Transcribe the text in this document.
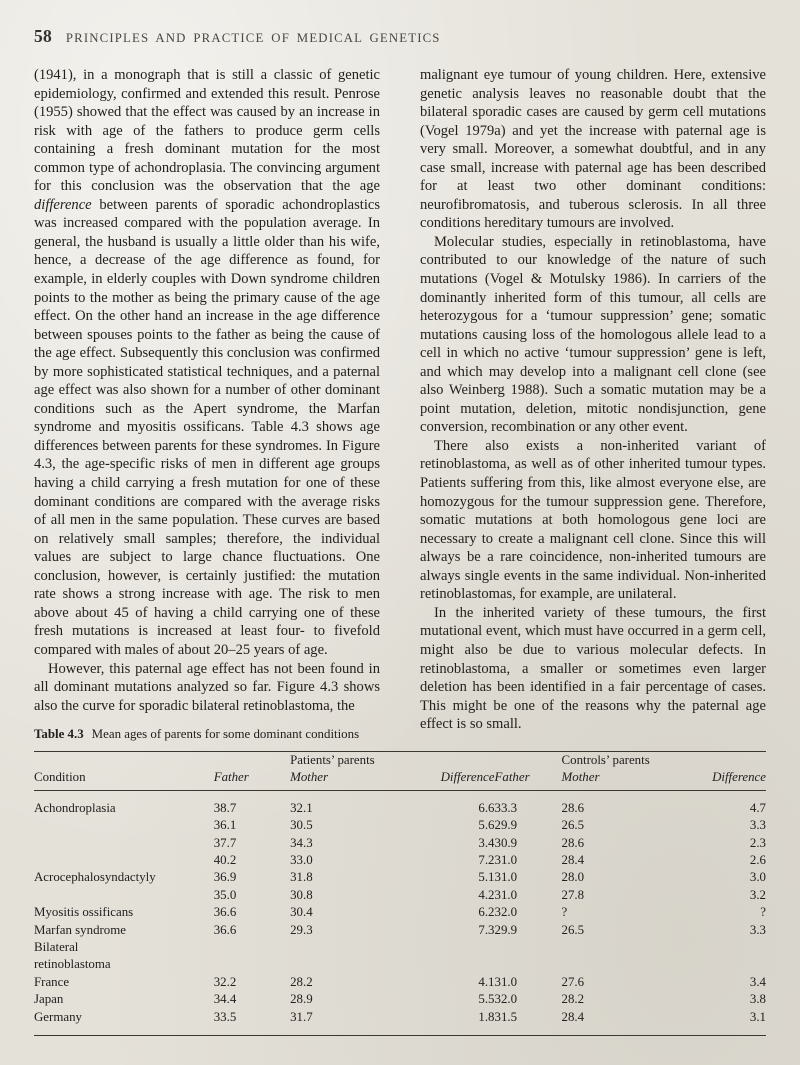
58 PRINCIPLES AND PRACTICE OF MEDICAL GENETICS

(1941), in a monograph that is still a classic of genetic epidemiology, confirmed and extended this result. Penrose (1955) showed that the effect was caused by an increase in risk with age of the fathers to produce germ cells containing a fresh dominant mutation for the most common type of achondroplasia. The convincing argument for this conclusion was the observation that the age difference between parents of sporadic achondroplastics was increased compared with the population average. In general, the husband is usually a little older than his wife, hence, a decrease of the age difference as found, for example, in elderly couples with Down syndrome children points to the mother as being the primary cause of the age effect. On the other hand an increase in the age difference between spouses points to the father as being the cause of the age effect. Subsequently this conclusion was confirmed by more sophisticated statistical techniques, and a paternal age effect was also shown for a number of other dominant conditions such as the Apert syndrome, the Marfan syndrome and myositis ossificans. Table 4.3 shows age differences between parents for these syndromes. In Figure 4.3, the age-specific risks of men in different age groups having a child carrying a fresh mutation for one of these dominant conditions are compared with the average risks of all men in the same population. These curves are based on relatively small samples; therefore, the individual values are subject to large chance fluctuations. One conclusion, however, is certainly justified: the mutation rate shows a strong increase with age. The risk to men above about 45 of having a child carrying one of these fresh mutations is increased at least four- to fivefold compared with males of about 20–25 years of age.

However, this paternal age effect has not been found in all dominant mutations analyzed so far. Figure 4.3 shows also the curve for sporadic bilateral retinoblastoma, the

malignant eye tumour of young children. Here, extensive genetic analysis leaves no reasonable doubt that the bilateral sporadic cases are caused by germ cell mutations (Vogel 1979a) and yet the increase with paternal age is very small. Moreover, a somewhat doubtful, and in any case small, increase with paternal age has been described for at least two other dominant conditions: neurofibromatosis, and tuberous sclerosis. In all three conditions hereditary tumours are involved.

Molecular studies, especially in retinoblastoma, have contributed to our knowledge of the nature of such mutations (Vogel & Motulsky 1986). In carriers of the dominantly inherited form of this tumour, all cells are heterozygous for a ‘tumour suppression’ gene; somatic mutations causing loss of the homologous allele lead to a cell in which no active ‘tumour suppression’ gene is left, and which may develop into a malignant cell clone (see also Weinberg 1988). Such a somatic mutation may be a point mutation, deletion, mitotic nondisjunction, gene conversion, recombination or any other event.

There also exists a non-inherited variant of retinoblastoma, as well as of other inherited tumour types. Patients suffering from this, like almost everyone else, are homozygous for the tumour suppression gene. Therefore, somatic mutations at both homologous gene loci are necessary to create a malignant cell clone. Since this will always be a rare coincidence, non-inherited tumours are always single events in the same individual. Non-inherited retinoblastomas, for example, are unilateral.

In the inherited variety of these tumours, the first mutational event, which must have occurred in a germ cell, might also be due to various molecular defects. In retinoblastoma, a smaller or sometimes even larger deletion has been identified in a fair percentage of cases. This might be one of the reasons why the paternal age effect is so small.

Table 4.3 Mean ages of parents for some dominant conditions
		Patients’ parents			Controls’ parents	
Condition	Father	Mother	Difference	Father	Mother	Difference

Achondroplasia	38.7	32.1	6.6	33.3	28.6	4.7
	36.1	30.5	5.6	29.9	26.5	3.3
	37.7	34.3	3.4	30.9	28.6	2.3
	40.2	33.0	7.2	31.0	28.4	2.6
Acrocephalosyndactyly	36.9	31.8	5.1	31.0	28.0	3.0
	35.0	30.8	4.2	31.0	27.8	3.2
Myositis ossificans	36.6	30.4	6.2	32.0	?	?
Marfan syndrome	36.6	29.3	7.3	29.9	26.5	3.3
Bilateral						
retinoblastoma						
France	32.2	28.2	4.1	31.0	27.6	3.4
Japan	34.4	28.9	5.5	32.0	28.2	3.8
Germany	33.5	31.7	1.8	31.5	28.4	3.1
